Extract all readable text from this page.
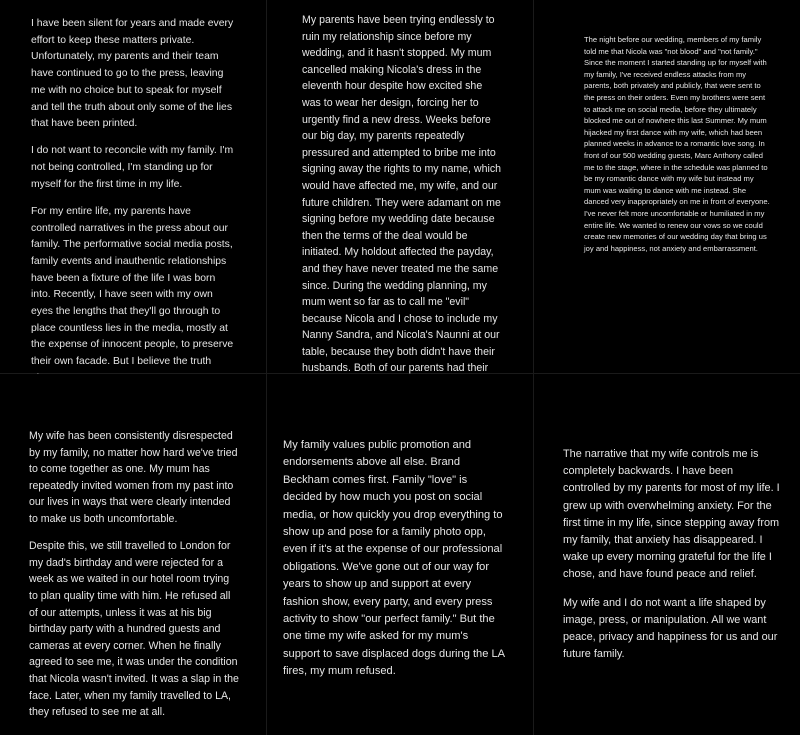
I have been silent for years and made every effort to keep these matters private. Unfortunately, my parents and their team have continued to go to the press, leaving me with no choice but to speak for myself and tell the truth about only some of the lies that have been printed.

I do not want to reconcile with my family. I'm not being controlled, I'm standing up for myself for the first time in my life.

For my entire life, my parents have controlled narratives in the press about our family. The performative social media posts, family events and inauthentic relationships have been a fixture of the life I was born into. Recently, I have seen with my own eyes the lengths that they'll go through to place countless lies in the media, mostly at the expense of innocent people, to preserve their own facade. But I believe the truth

My parents have been trying endlessly to ruin my relationship since before my wedding, and it hasn't stopped. My mum cancelled making Nicola's dress in the eleventh hour despite how excited she was to wear her design, forcing her to urgently find a new dress. Weeks before our big day, my parents repeatedly pressured and attempted to bribe me into signing away the rights to my name, which would have affected me, my wife, and our future children. They were adamant on me signing before my wedding date because then the terms of the deal would be initiated. My holdout affected the payday, and they have never treated me the same since. During the wedding planning, my mum went so far as to call me "evil" because Nicola and I chose to include my Nanny Sandra, and Nicola's Naunni at our table, because they both didn't have their husbands. Both of our parents had their

The night before our wedding, members of my family told me that Nicola was "not blood" and "not family." Since the moment I started standing up for myself with my family, I've received endless attacks from my parents, both privately and publicly, that were sent to the press on their orders. Even my brothers were sent to attack me on social media, before they ultimately blocked me out of nowhere this last Summer. My mum hijacked my first dance with my wife, which had been planned weeks in advance to a romantic love song. In front of our 500 wedding guests, Marc Anthony called me to the stage, where in the schedule was planned to be my romantic dance with my wife but instead my mum was waiting to dance with me instead. She danced very inappropriately on me in front of everyone. I've never felt more uncomfortable or humiliated in my entire life. We wanted to renew our vows so we could create new memories of our wedding day that bring us joy and happiness, not anxiety and embarrassment.

My wife has been consistently disrespected by my family, no matter how hard we've tried to come together as one. My mum has repeatedly invited women from my past into our lives in ways that were clearly intended to make us both uncomfortable.

Despite this, we still travelled to London for my dad's birthday and were rejected for a week as we waited in our hotel room trying to plan quality time with him. He refused all of our attempts, unless it was at his big birthday party with a hundred guests and cameras at every corner. When he finally agreed to see me, it was under the condition that Nicola wasn't invited. It was a slap in the face. Later, when my family travelled to LA, they refused to see me at all.

My family values public promotion and endorsements above all else. Brand Beckham comes first. Family "love" is decided by how much you post on social media, or how quickly you drop everything to show up and pose for a family photo opp, even if it's at the expense of our professional obligations. We've gone out of our way for years to show up and support at every fashion show, every party, and every press activity to show "our perfect family." But the one time my wife asked for my mum's support to save displaced dogs during the LA fires, my mum refused.

The narrative that my wife controls me is completely backwards. I have been controlled by my parents for most of my life. I grew up with overwhelming anxiety. For the first time in my life, since stepping away from my family, that anxiety has disappeared. I wake up every morning grateful for the life I chose, and have found peace and relief.

My wife and I do not want a life shaped by image, press, or manipulation. All we want peace, privacy and happiness for us and our future family.
